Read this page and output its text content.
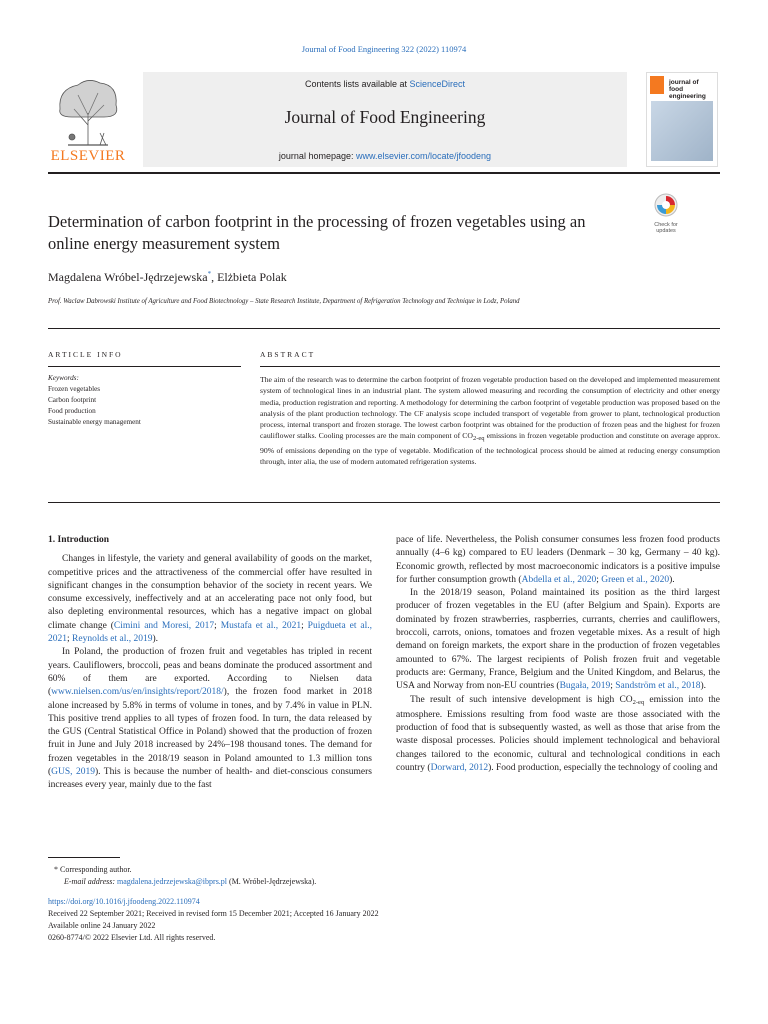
Journal of Food Engineering 322 (2022) 110974
ELSEVIER
Contents lists available at ScienceDirect
Journal of Food Engineering
journal homepage: www.elsevier.com/locate/jfoodeng
journal of
food engineering
Determination of carbon footprint in the processing of frozen vegetables using an online energy measurement system
Check for
updates
Magdalena Wróbel-Jędrzejewska*, Elżbieta Polak
Prof. Waclaw Dabrowski Institute of Agriculture and Food Biotechnology – State Research Institute, Department of Refrigeration Technology and Technique in Lodz, Poland
ARTICLE INFO	ABSTRACT
Keywords:
Frozen vegetables
Carbon footprint
Food production
Sustainable energy management
The aim of the research was to determine the carbon footprint of frozen vegetable production based on the developed and implemented measurement system of technological lines in an industrial plant. The system allowed measuring and recording the consumption of electricity and other energy media, production registration and reporting. A methodology for determining the carbon footprint of vegetable production was proposed based on the analysis of the plant production technology. The CF analysis scope included transport of vegetable from grower to plant, technological production process, internal transport and frozen storage. The lowest carbon footprint was obtained for the production of frozen peas and the highest for frozen cauliflower stalks. Cooling processes are the main component of $CO_{2-eq}$ emissions in frozen vegetable production and constitute on average approx. 90% of emissions depending on the type of vegetable. Modification of the technological process should be aimed at reducing energy consumption through, inter alia, the use of modern automated refrigeration systems.

1. Introduction

Changes in lifestyle, the variety and general availability of goods on the market, competitive prices and the attractiveness of the commercial offer have resulted in significant changes in the consumption behavior of the society in recent years. We consume excessively, ineffectively and at an accelerating pace not only food, but also depleting environmental resources, which has a negative impact on global climate change (Cimini and Moresi, 2017; Mustafa et al., 2021; Puigdueta et al., 2021; Reynolds et al., 2019).

In Poland, the production of frozen fruit and vegetables has tripled in recent years. Cauliflowers, broccoli, peas and beans dominate the produced assortment and 60% of them are exported. According to Nielsen data (www.nielsen.com/us/en/insights/report/2018/), the frozen food market in 2018 alone increased by 5.8% in terms of volume in tones, and by 7.4% in value in PLN. This positive trend applies to all types of frozen food. In turn, the data released by the GUS (Central Statistical Office in Poland) showed that the production of frozen fruit in June and July 2018 increased by 24%–198 thousand tones. The demand for frozen vegetables in the 2018/19 season in Poland amounted to 1.3 million tons (GUS, 2019). This is because the number of health- and diet-conscious consumers increases every year, mainly due to the fast

pace of life. Nevertheless, the Polish consumer consumes less frozen food products annually (4–6 kg) compared to EU leaders (Denmark – 30 kg, Germany – 40 kg). Economic growth, reflected by most macroeconomic indicators is a positive impulse for further consumption growth (Abdella et al., 2020; Green et al., 2020).

In the 2018/19 season, Poland maintained its position as the third largest producer of frozen vegetables in the EU (after Belgium and Spain). Exports are dominated by frozen strawberries, raspberries, currants, cherries and cauliflowers, broccoli, carrots, onions, tomatoes and frozen vegetable mixes. As a result of high demand on foreign markets, the export share in the production of frozen vegetables amounted to 67%. The largest recipients of Polish frozen fruit and vegetable products are: Germany, France, Belgium and the United Kingdom, and Belarus, the USA and Norway from non-EU countries (Bugała, 2019; Sandström et al., 2018).

The result of such intensive development is high $CO_{2-eq}$ emission into the atmosphere. Emissions resulting from food waste are those associated with the production of food that is subsequently wasted, as well as those that arise from the waste disposal processes. Policies should implement technological and behavioral changes tailored to the economic, cultural and technological conditions in each country (Dorward, 2012). Food production, especially the technology of cooling and

* Corresponding author.
E-mail address: magdalena.jedrzejewska@ibprs.pl (M. Wróbel-Jędrzejewska).
https://doi.org/10.1016/j.jfoodeng.2022.110974
Received 22 September 2021; Received in revised form 15 December 2021; Accepted 16 January 2022
Available online 24 January 2022
0260-8774/© 2022 Elsevier Ltd. All rights reserved.
